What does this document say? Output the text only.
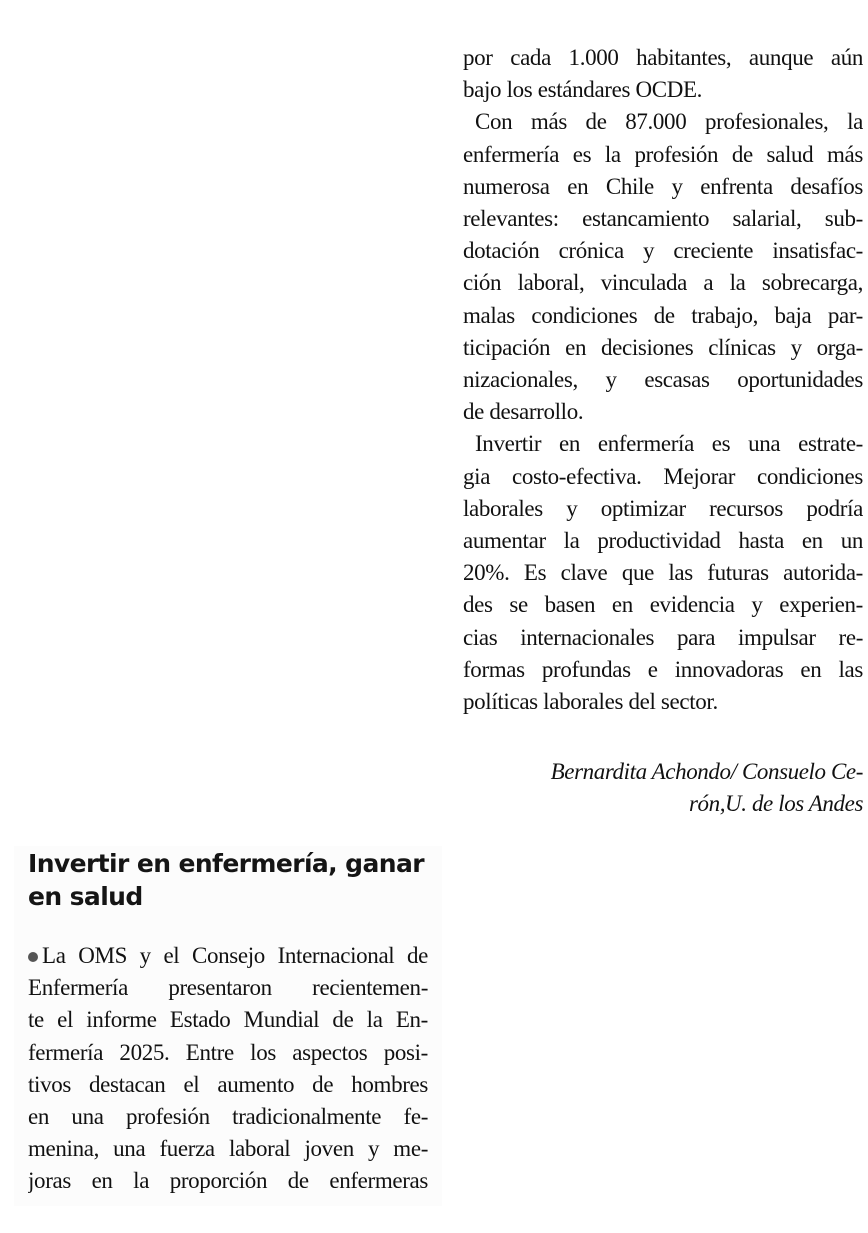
por cada 1.000 habitantes, aunque aún
bajo los estándares OCDE.
Con más de 87.000 profesionales, la
enfermería es la profesión de salud más
numerosa en Chile y enfrenta desafíos
relevantes: estancamiento salarial, sub-
dotación crónica y creciente insatisfac-
ción laboral, vinculada a la sobrecarga,
malas condiciones de trabajo, baja par-
ticipación en decisiones clínicas y orga-
nizacionales, y escasas oportunidades
de desarrollo.
Invertir en enfermería es una estrate-
gia costo-efectiva. Mejorar condiciones
laborales y optimizar recursos podría
aumentar la productividad hasta en un
20%. Es clave que las futuras autorida-
des se basen en evidencia y experien-
cias internacionales para impulsar re-
formas profundas e innovadoras en las
políticas laborales del sector.
Bernardita Achondo/ Consuelo Ce-
rón,U. de los Andes
Invertir en enfermería, ganar
en salud
La OMS y el Consejo Internacional de
Enfermería presentaron recientemen-
te el informe Estado Mundial de la En-
fermería 2025. Entre los aspectos posi-
tivos destacan el aumento de hombres
en una profesión tradicionalmente fe-
menina, una fuerza laboral joven y me-
joras en la proporción de enfermeras
